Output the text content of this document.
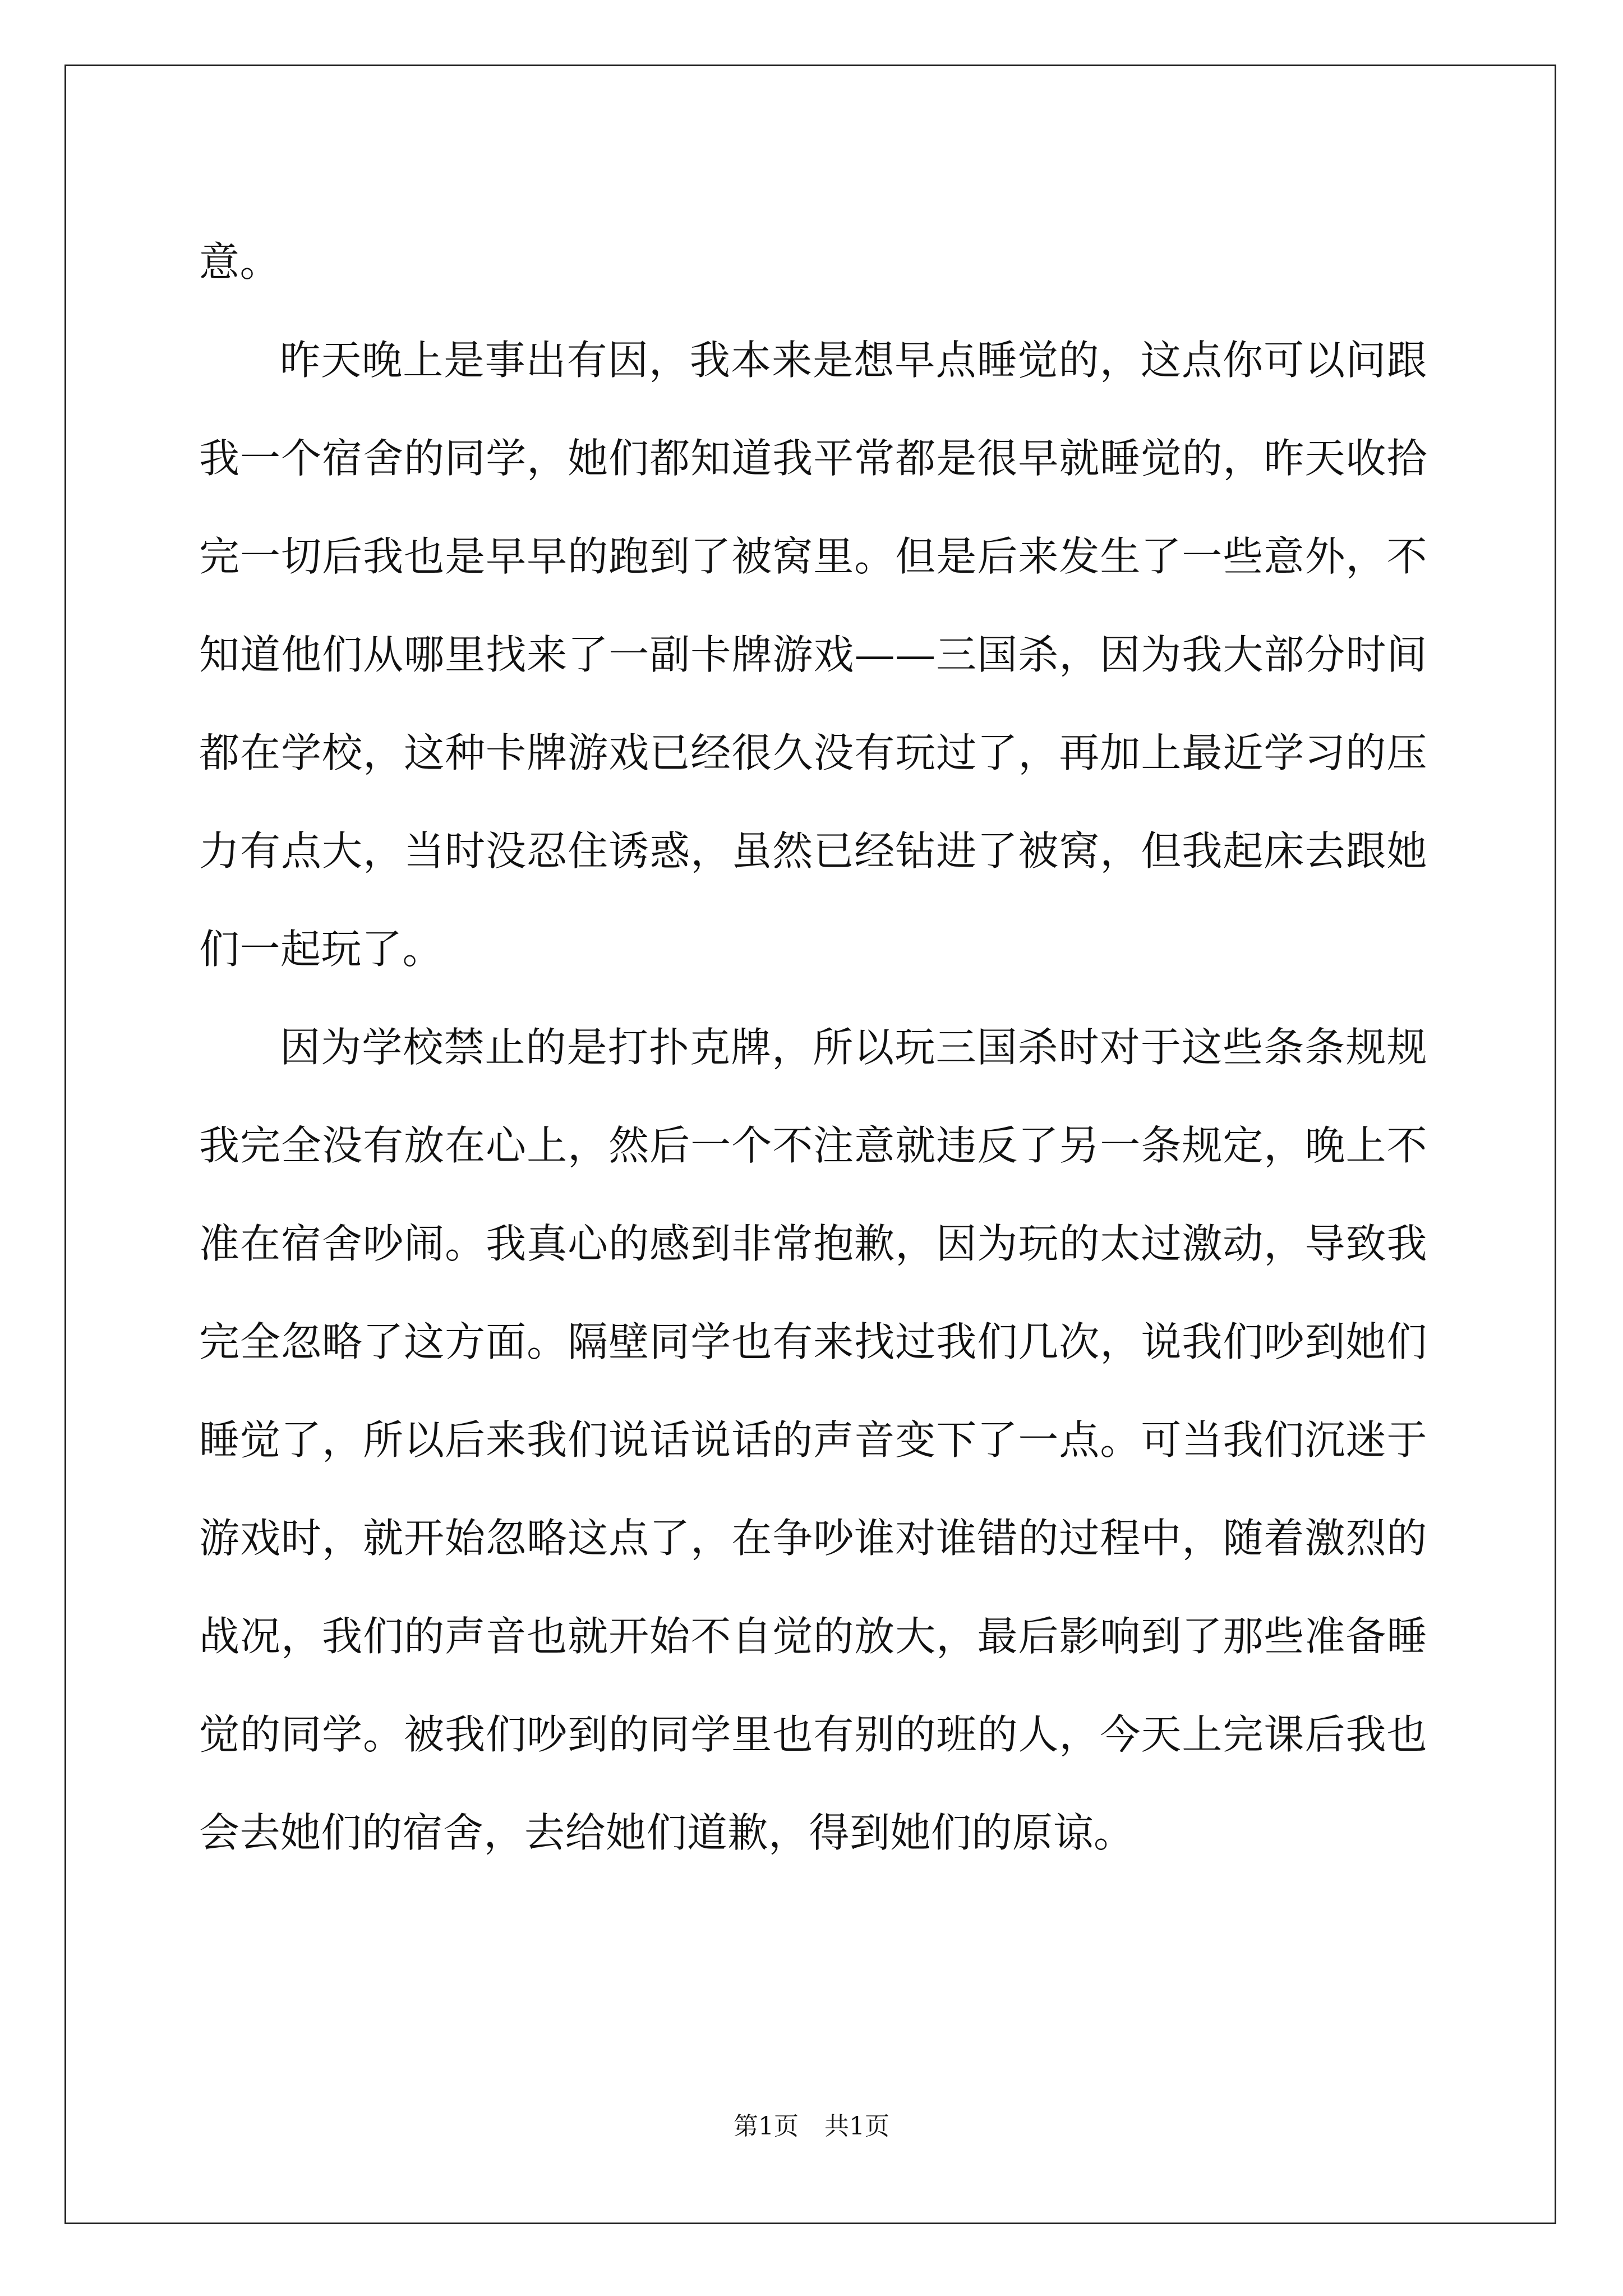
意。
昨天晚上是事出有因，我本来是想早点睡觉的，这点你可以问跟
我一个宿舍的同学，她们都知道我平常都是很早就睡觉的，昨天收拾
完一切后我也是早早的跑到了被窝里。但是后来发生了一些意外，不
知道他们从哪里找来了一副卡牌游戏——三国杀，因为我大部分时间
都在学校，这种卡牌游戏已经很久没有玩过了，再加上最近学习的压
力有点大，当时没忍住诱惑，虽然已经钻进了被窝，但我起床去跟她
们一起玩了。
因为学校禁止的是打扑克牌，所以玩三国杀时对于这些条条规规
我完全没有放在心上，然后一个不注意就违反了另一条规定，晚上不
准在宿舍吵闹。我真心的感到非常抱歉，因为玩的太过激动，导致我
完全忽略了这方面。隔壁同学也有来找过我们几次，说我们吵到她们
睡觉了，所以后来我们说话说话的声音变下了一点。可当我们沉迷于
游戏时，就开始忽略这点了，在争吵谁对谁错的过程中，随着激烈的
战况，我们的声音也就开始不自觉的放大，最后影响到了那些准备睡
觉的同学。被我们吵到的同学里也有别的班的人，今天上完课后我也
会去她们的宿舍，去给她们道歉，得到她们的原谅。
第1页 共1页
